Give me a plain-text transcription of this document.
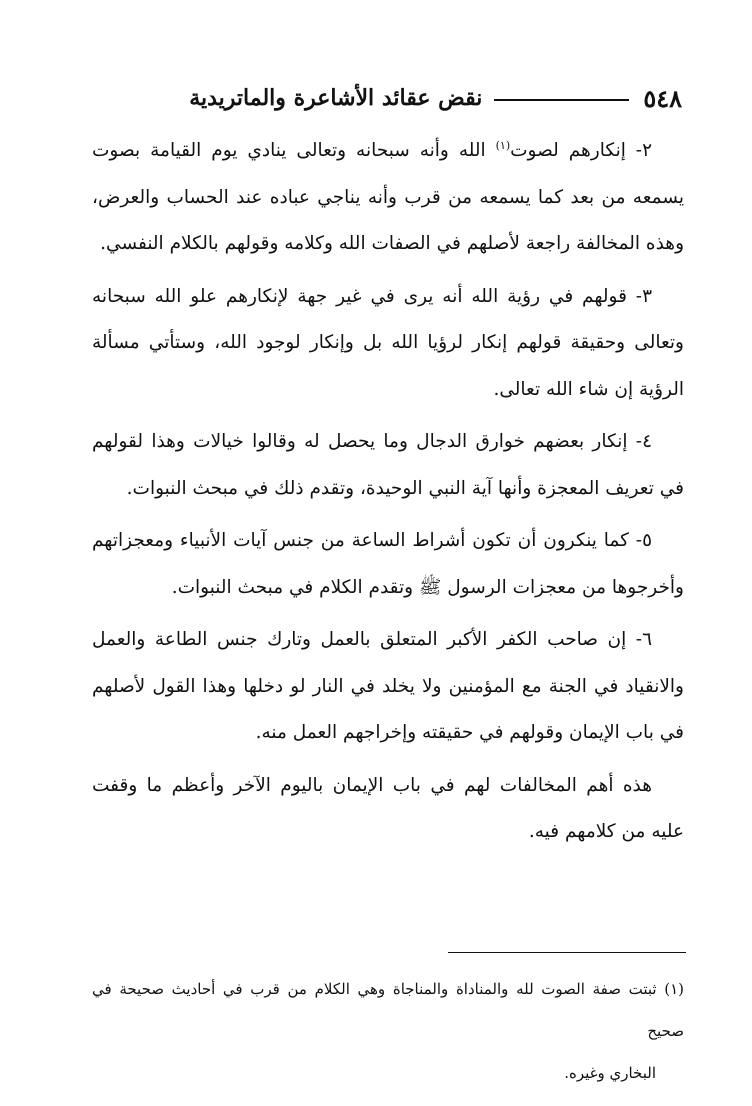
٥٤٨
نقض عقائد الأشاعرة والماتريدية

٢- إنكارهم لصوت$^{(١)}$ الله وأنه سبحانه وتعالى ينادي يوم القيامة بصوت يسمعه من بعد كما يسمعه من قرب وأنه يناجي عباده عند الحساب والعرض، وهذه المخالفة راجعة لأصلهم في الصفات الله وكلامه وقولهم بالكلام النفسي.

٣- قولهم في رؤية الله أنه يرى في غير جهة لإنكارهم علو الله سبحانه وتعالى وحقيقة قولهم إنكار لرؤيا الله بل وإنكار لوجود الله، وستأتي مسألة الرؤية إن شاء الله تعالى.

٤- إنكار بعضهم خوارق الدجال وما يحصل له وقالوا خيالات وهذا لقولهم في تعريف المعجزة وأنها آية النبي الوحيدة، وتقدم ذلك في مبحث النبوات.

٥- كما ينكرون أن تكون أشراط الساعة من جنس آيات الأنبياء ومعجزاتهم وأخرجوها من معجزات الرسول ﷺ وتقدم الكلام في مبحث النبوات.

٦- إن صاحب الكفر الأكبر المتعلق بالعمل وتارك جنس الطاعة والعمل والانقياد في الجنة مع المؤمنين ولا يخلد في النار لو دخلها وهذا القول لأصلهم في باب الإيمان وقولهم في حقيقته وإخراجهم العمل منه.

هذه أهم المخالفات لهم في باب الإيمان باليوم الآخر وأعظم ما وقفت عليه من كلامهم فيه.

(١) ثبتت صفة الصوت لله والمناداة والمناجاة وهي الكلام من قرب في أحاديث صحيحة في صحيح
البخاري وغيره.
